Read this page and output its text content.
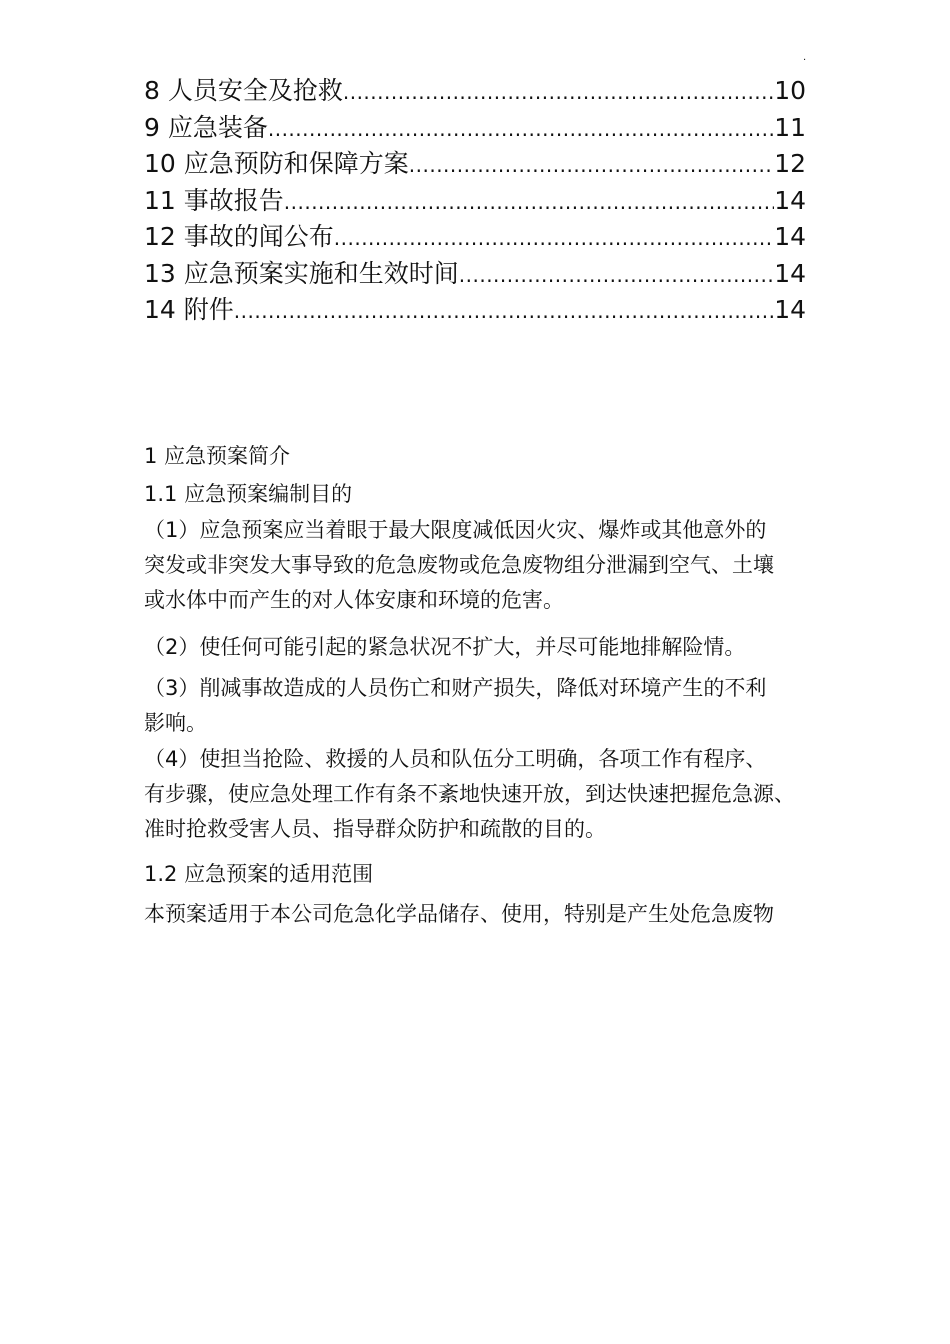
·
8 人员安全及抢救 .....	10
9 应急装备 .....	11
10 应急预防和保障方案 .....	12
11 事故报告 .....	14
12 事故的闻公布 .....	14
13 应急预案实施和生效时间 .....	14
14 附件 .....	14
1 应急预案简介
1.1 应急预案编制目的
（1）应急预案应当着眼于最大限度减低因火灾、爆炸或其他意外的
突发或非突发大事导致的危急废物或危急废物组分泄漏到空气、土壤
或水体中而产生的对人体安康和环境的危害。
（2）使任何可能引起的紧急状况不扩大，并尽可能地排解险情。
（3）削减事故造成的人员伤亡和财产损失，降低对环境产生的不利
影响。
（4）使担当抢险、救援的人员和队伍分工明确，各项工作有程序、
有步骤，使应急处理工作有条不紊地快速开放，到达快速把握危急源、
准时抢救受害人员、指导群众防护和疏散的目的。
1.2 应急预案的适用范围
本预案适用于本公司危急化学品储存、使用，特别是产生处危急废物
